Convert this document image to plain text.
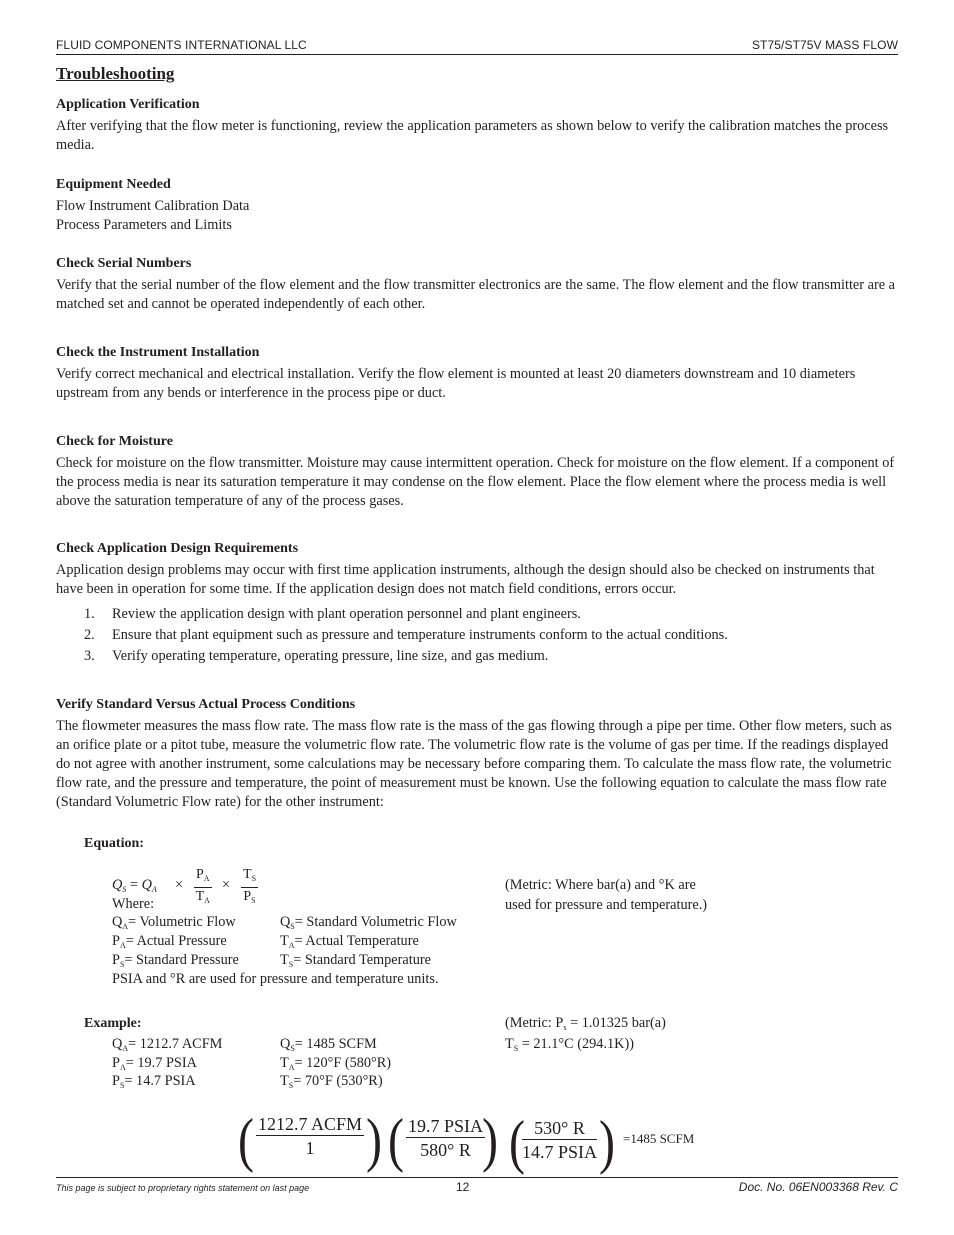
FLUID COMPONENTS INTERNATIONAL LLC	ST75/ST75V MASS FLOW
Troubleshooting
Application Verification
After verifying that the flow meter is functioning, review the application parameters as shown below to verify the calibration matches the process media.
Equipment Needed
Flow Instrument Calibration Data
Process Parameters and Limits
Check Serial Numbers
Verify that the serial number of the flow element and the flow transmitter electronics are the same. The flow element and the flow transmitter are a matched set and cannot be operated independently of each other.
Check the Instrument Installation
Verify correct mechanical and electrical installation. Verify the flow element is mounted at least 20 diameters downstream and 10 diameters upstream from any bends or interference in the process pipe or duct.
Check for Moisture
Check for moisture on the flow transmitter. Moisture may cause intermittent operation. Check for moisture on the flow element. If a component of the process media is near its saturation temperature it may condense on the flow element. Place the flow element where the process media is well above the saturation temperature of any of the process gases.
Check Application Design Requirements
Application design problems may occur with first time application instruments, although the design should also be checked on instruments that have been in operation for some time. If the application design does not match field conditions, errors occur.
1. Review the application design with plant operation personnel and plant engineers.
2. Ensure that plant equipment such as pressure and temperature instruments conform to the actual conditions.
3. Verify operating temperature, operating pressure, line size, and gas medium.
Verify Standard Versus Actual Process Conditions
The flowmeter measures the mass flow rate. The mass flow rate is the mass of the gas flowing through a pipe per time. Other flow meters, such as an orifice plate or a pitot tube, measure the volumetric flow rate. The volumetric flow rate is the volume of gas per time. If the readings displayed do not agree with another instrument, some calculations may be necessary before comparing them. To calculate the mass flow rate, the volumetric flow rate, and the pressure and temperature, the point of measurement must be known. Use the following equation to calculate the mass flow rate (Standard Volumetric Flow rate) for the other instrument:
Equation:
$Q_S = Q_A \times \frac{P_A}{T_A} \times \frac{T_S}{P_S}$
Where:
(Metric: Where bar(a) and °K are
used for pressure and temperature.)
$Q_A=$ Volumetric Flow	$Q_S=$ Standard Volumetric Flow
$P_A=$ Actual Pressure	$T_A=$ Actual Temperature
$P_S=$ Standard Pressure	$T_S=$ Standard Temperature
PSIA and °R are used for pressure and temperature units.
Example:	(Metric: $P_s = 1.01325$ bar(a)
$T_S = 21.1^\circ C$ (294.1K))
$Q_A= 1212.7$ ACFM	$Q_S= 1485$ SCFM
$P_A= 19.7$ PSIA	$T_A= 120^\circ F$ (580°R)
$P_S= 14.7$ PSIA	$T_S= 70^\circ F$ (530°R)
( 1212.7 ACFM
1 ) ( 19.7 PSIA
580° R ) ( 530° R
14.7 PSIA ) =1485 SCFM
This page is subject to proprietary rights statement on last page	12	Doc. No. 06EN003368 Rev. C
